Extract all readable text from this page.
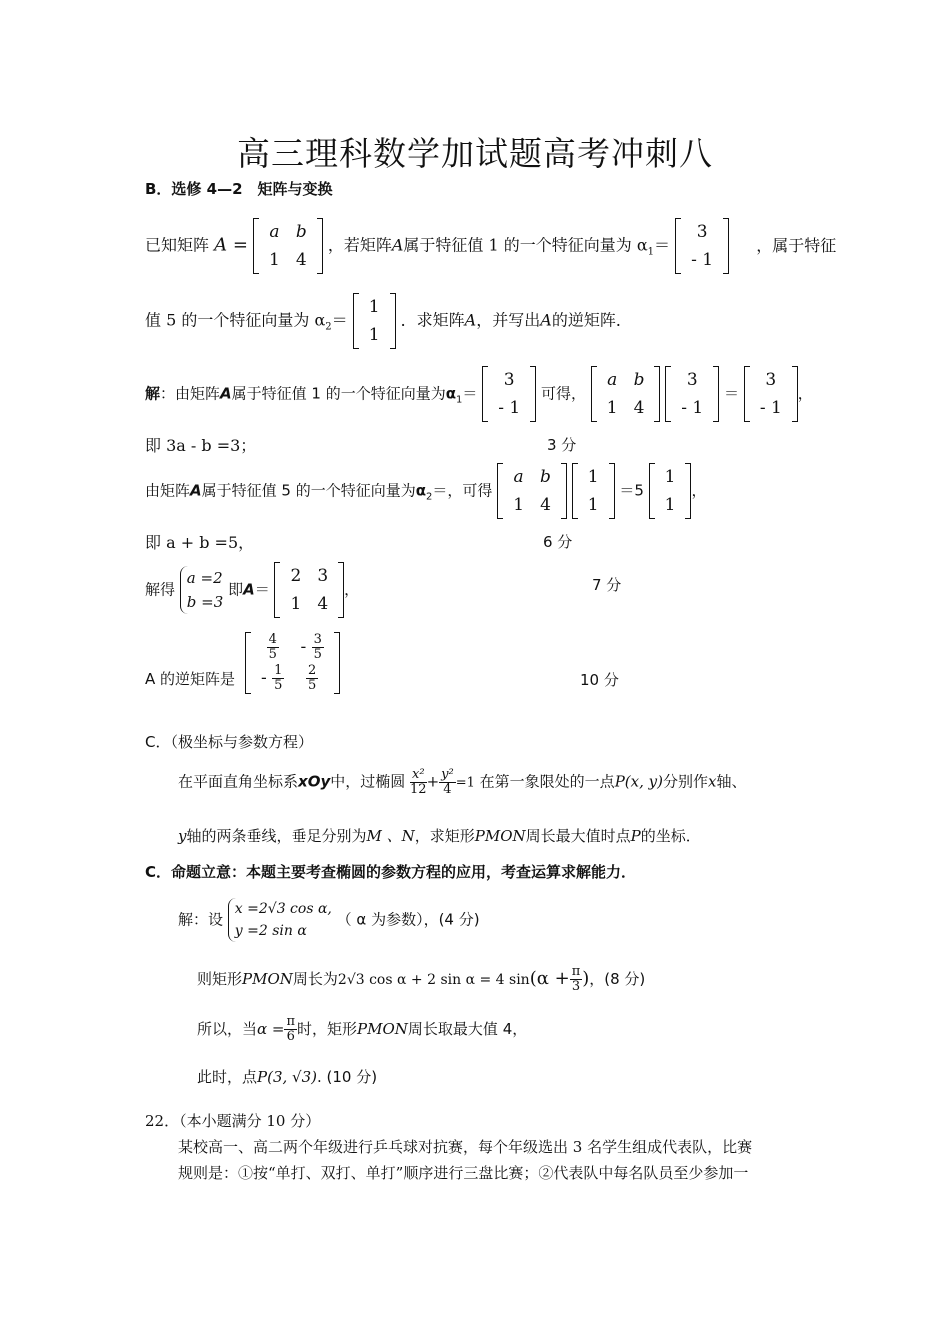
高三理科数学加试题高考冲刺八
B．选修 4—2　矩阵与变换
已知矩阵 A =
a	b
1	4
，若矩阵A属于特征值 1 的一个特征向量为 $\alpha_1=$
3
- 1
，属于特征
值 5 的一个特征向量为 $\alpha_2=$
1
1
．求矩阵A，并写出A的逆矩阵．
解：由矩阵A属于特征值 1 的一个特征向量为$\alpha_1=$
3
- 1
可得，
a	b
1	4

3
- 1
＝
3
- 1
，
即 3a - b =3；	3 分
由矩阵A属于特征值 5 的一个特征向量为$\alpha_2=$，可得
a	b
1	4

1
1
＝5
1
1
，
即 a + b =5，	6 分
解得 a =2
b =3 即A＝
2	3
1	4
，	7 分
A 的逆矩阵是
$\frac{4}{5}$	- $\frac{3}{5}$

- $\frac{1}{5}$	$\frac{2}{5}$	10 分
C．（极坐标与参数方程）
在平面直角坐标系xOy中，过椭圆 $\frac{\text{x²}}{12} + \frac{\text{y²}}{4} =1$ 在第一象限处的一点P(x, y)分别作x轴、
y轴的两条垂线，垂足分别为M 、N，求矩形PMON周长最大值时点P的坐标．
C．命题立意：本题主要考查椭圆的参数方程的应用，考查运算求解能力．
解：设 x =2√3 cos α,
y =2 sin α （ α 为参数），(4 分)
则矩形PMON周长为2√3 cos α + 2 sin α = 4 $\sin(\alpha + \frac{\pi}{3}$ )，(8 分)
所以，当$\alpha = \frac{\pi}{6}$ 时，矩形PMON周长取最大值 4，
此时，点P(3, √3). (10 分)
22．（本小题满分 10 分）
某校高一、高二两个年级进行乒乓球对抗赛，每个年级选出 3 名学生组成代表队，比赛
规则是：①按“单打、双打、单打”顺序进行三盘比赛；②代表队中每名队员至少参加一
